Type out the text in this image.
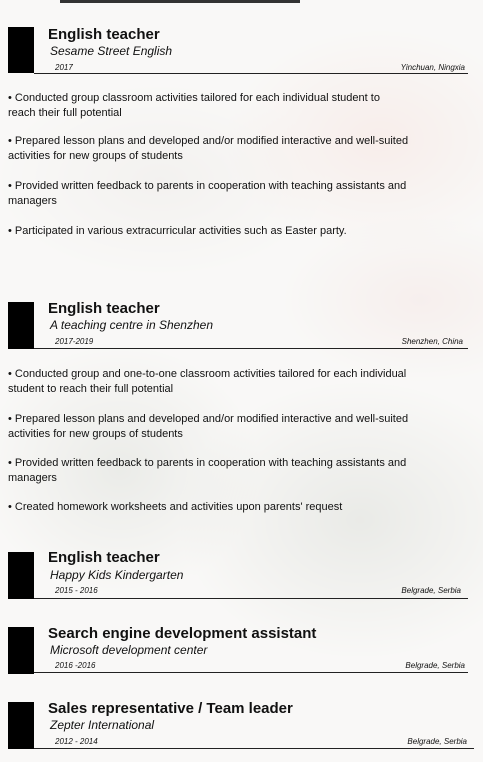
English teacher
Sesame Street English
2017	Yinchuan, Ningxia
• Conducted group classroom activities tailored for each individual student to
reach their full potential
• Prepared lesson plans and developed and/or modified interactive and well-suited
activities for new groups of students
• Provided written feedback to parents in cooperation with teaching assistants and
managers
• Participated in various extracurricular activities such as Easter party.
English teacher
A teaching centre in Shenzhen
2017-2019	Shenzhen, China
• Conducted group and one-to-one classroom activities tailored for each individual
student to reach their full potential
• Prepared lesson plans and developed and/or modified interactive and well-suited
activities for new groups of students
• Provided written feedback to parents in cooperation with teaching assistants and
managers
• Created homework worksheets and activities upon parents' request
English teacher
Happy Kids Kindergarten
2015 - 2016	Belgrade, Serbia
Search engine development assistant
Microsoft development center
2016 -2016	Belgrade, Serbia
Sales representative / Team leader
Zepter International
2012 - 2014	Belgrade, Serbia
